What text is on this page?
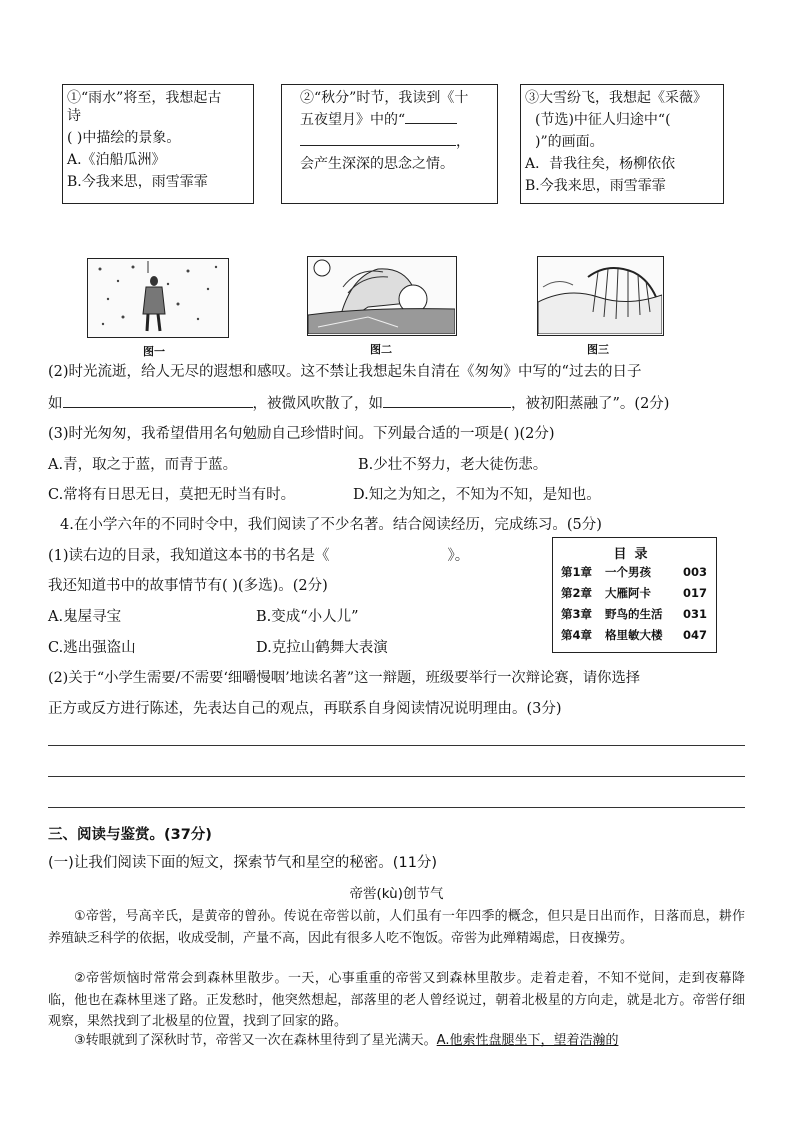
①“雨水”将至，我想起古
诗
( )中描绘的景象。
A.《泊船瓜洲》
B.今我来思，雨雪霏霏
②“秋分”时节，我读到《十
五夜望月》中的“
，
会产生深深的思念之情。
③大雪纷飞，我想起《采薇》
(节选)中征人归途中“(
)”的画面。
A．昔我往矣，杨柳依依
B.今我来思，雨雪霏霏
图一	图二	图三
(2)时光流逝，给人无尽的遐想和感叹。这不禁让我想起朱自清在《匆匆》中写的“过去的日子
如	，被微风吹散了，如	，被初阳蒸融了”。(2分)
(3)时光匆匆，我希望借用名句勉励自己珍惜时间。下列最合适的一项是( )(2分)
A.青，取之于蓝，而青于蓝。	B.少壮不努力，老大徒伤悲。
C.常将有日思无日，莫把无时当有时。	D.知之为知之，不知为不知，是知也。
4.在小学六年的不同时令中，我们阅读了不少名著。结合阅读经历，完成练习。(5分)
(1)读右边的目录，我知道这本书的书名是《	》。
我还知道书中的故事情节有( )(多选)。(2分)
A.鬼屋寻宝	B.变成“小人儿”
C.逃出强盗山	D.克拉山鹤舞大表演
目录
第1章	一个男孩	003
第2章	大雁阿卡	017
第3章	野鸟的生活	031
第4章	格里敏大楼	047
(2)关于“小学生需要/不需要‘细嚼慢咽’地读名著”这一辩题，班级要举行一次辩论赛，请你选择
正方或反方进行陈述，先表达自己的观点，再联系自身阅读情况说明理由。(3分)
三、阅读与鉴赏。(37分)
(一)让我们阅读下面的短文，探索节气和星空的秘密。(11分)
帝喾(kù)创节气
①帝喾，号高辛氏，是黄帝的曾孙。传说在帝喾以前，人们虽有一年四季的概念，但只是日出而作，日落而息，耕作养殖缺乏科学的依据，收成受制，产量不高，因此有很多人吃不饱饭。帝喾为此殚精竭虑，日夜操劳。
②帝喾烦恼时常常会到森林里散步。一天，心事重重的帝喾又到森林里散步。走着走着，不知不觉间，走到夜幕降临，他也在森林里迷了路。正发愁时，他突然想起，部落里的老人曾经说过，朝着北极星的方向走，就是北方。帝喾仔细观察，果然找到了北极星的位置，找到了回家的路。
③转眼就到了深秋时节，帝喾又一次在森林里待到了星光满天。A.他索性盘腿坐下，望着浩瀚的
